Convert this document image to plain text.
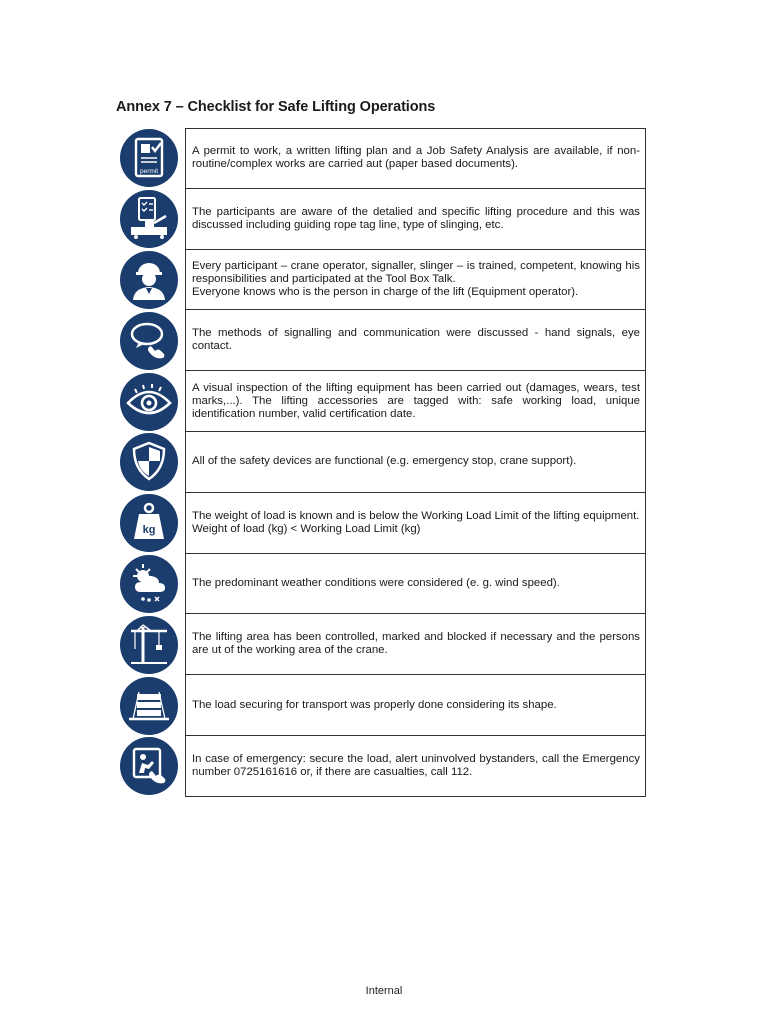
Annex 7 – Checklist for Safe Lifting Operations
permit

A permit to work, a written lifting plan and a Job Safety Analysis are available, if non-routine/complex works are carried aut (paper based documents).

The participants are aware of the detalied and specific lifting procedure and this was discussed including guiding rope tag line, type of slinging, etc.

Every participant – crane operator, signaller, slinger – is trained, competent, knowing his responsibilities and participated at the Tool Box Talk.

Everyone knows who is the person in charge of the lift (Equipment operator).

The methods of signalling and communication were discussed - hand signals, eye contact.

A visual inspection of the lifting equipment has been carried out (damages, wears, test marks,...). The lifting accessories are tagged with: safe working load, unique identification number, valid certification date.

All of the safety devices are functional (e.g. emergency stop, crane support).

kg

The weight of load is known and is below the Working Load Limit of the lifting equipment.

Weight of load (kg) < Working Load Limit (kg)

The predominant weather conditions were considered (e. g. wind speed).

The lifting area has been controlled, marked and blocked if necessary and the persons are ut of the working area of the crane.

The load securing for transport was properly done considering its shape.

In case of emergency: secure the load, alert uninvolved bystanders, call the Emergency number 0725161616 or, if there are casualties, call 112.

Internal
